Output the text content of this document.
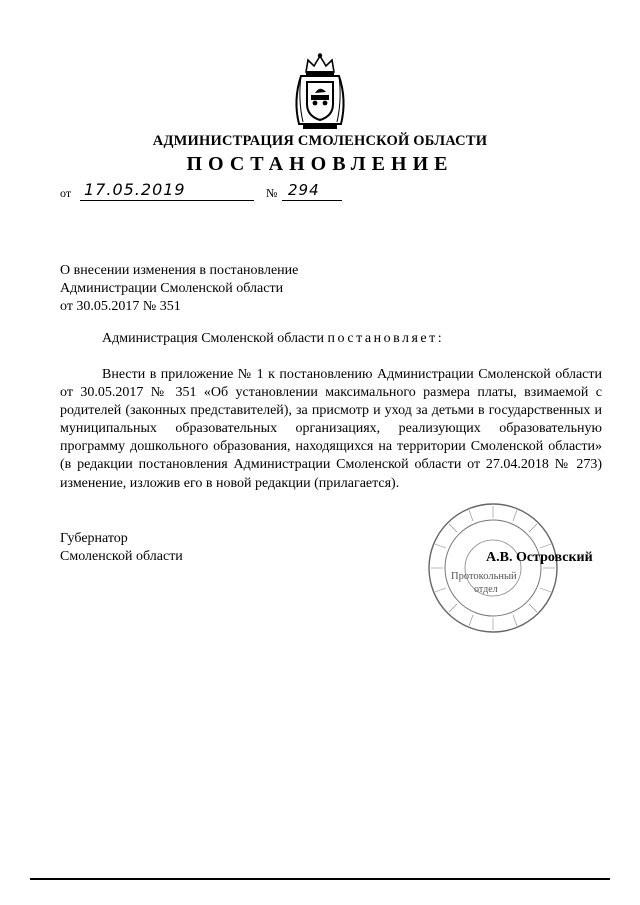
АДМИНИСТРАЦИЯ СМОЛЕНСКОЙ ОБЛАСТИ
ПОСТАНОВЛЕНИЕ
от 17.05.2019	№ 294
О внесении изменения в постановление
Администрации Смоленской области
от 30.05.2017 № 351
Администрация Смоленской области постановляет:
Внести в приложение № 1 к постановлению Администрации Смоленской области от 30.05.2017 № 351 «Об установлении максимального размера платы, взимаемой с родителей (законных представителей), за присмотр и уход за детьми в государственных и муниципальных образовательных организациях, реализующих образовательную программу дошкольного образования, находящихся на территории Смоленской области» (в редакции постановления Администрации Смоленской области от 27.04.2018 № 273) изменение, изложив его в новой редакции (прилагается).
Протокольный
отдел
Губернатор
Смоленской области	А.В. Островский
